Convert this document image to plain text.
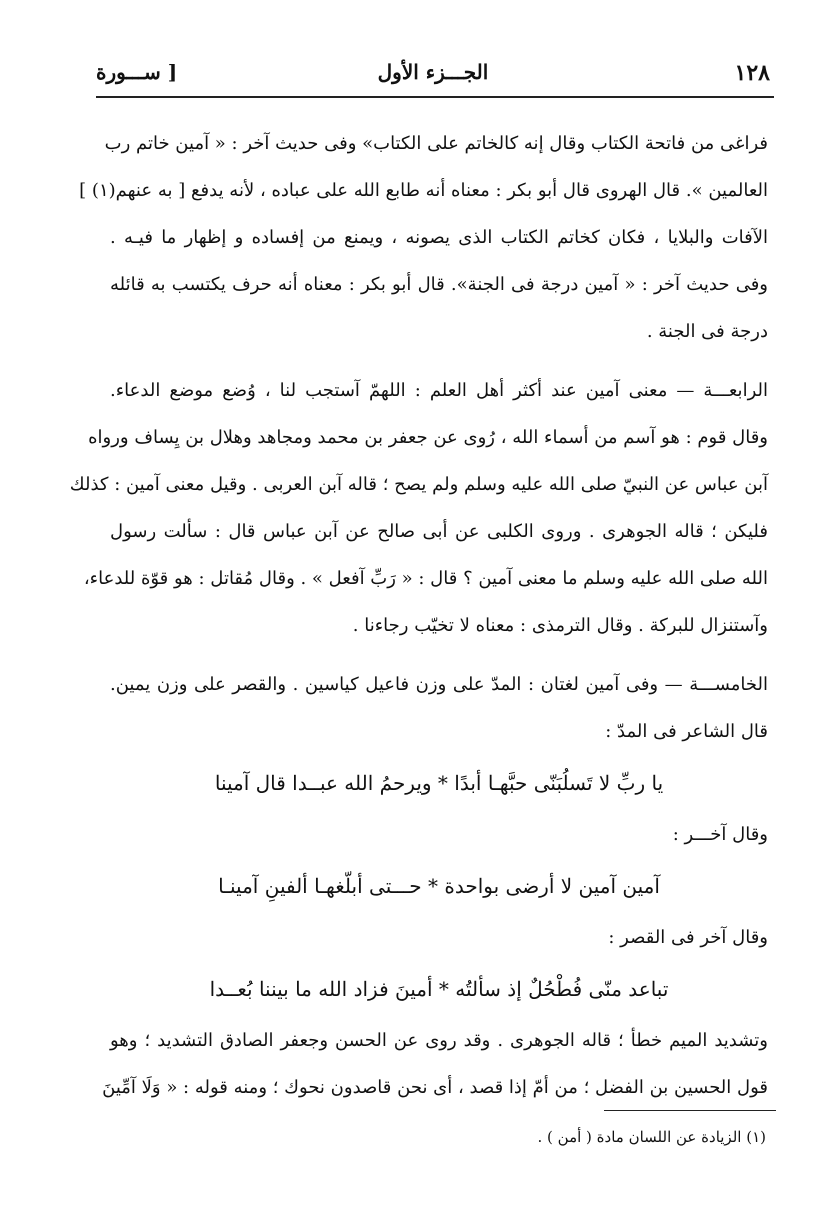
١٢٨
الجـــزء الأول
[ ســـورة
فراغى من فاتحة الكتاب وقال إنه كالخاتم على الكتاب» وفى حديث آخر : « آمين خاتم رب
العالمين ». قال الهروى قال أبو بكر : معناه أنه طابع الله على عباده ، لأنه يدفع [ به عنهم(١) ]
الآفات والبلايا ، فكان كخاتم الكتاب الذى يصونه ، ويمنع من إفساده و إظهار ما فيـه .
وفى حديث آخر : « آمين درجة فى الجنة». قال أبو بكر : معناه أنه حرف يكتسب به قائله
درجة فى الجنة .
الرابعـــة — معنى آمين عند أكثر أهل العلم : اللهمّ آستجب لنا ، وُضع موضع الدعاء.
وقال قوم : هو آسم من أسماء الله ، رُوى عن جعفر بن محمد ومجاهد وهلال بن يِساف ورواه
آبن عباس عن النبيّ صلى الله عليه وسلم ولم يصح ؛ قاله آبن العربى . وقيل معنى آمين : كذلك
فليكن ؛ قاله الجوهرى . وروى الكلبى عن أبى صالح عن آبن عباس قال : سألت رسول
الله صلى الله عليه وسلم ما معنى آمين ؟ قال : « رَبِّ آفعل » . وقال مُقاتل : هو قوّة للدعاء،
وآستنزال للبركة . وقال الترمذى : معناه لا تخيّب رجاءنا .
الخامســـة — وفى آمين لغتان : المدّ على وزن فاعيل كياسين . والقصر على وزن يمين.
قال الشاعر فى المدّ :
يا ربِّ لا تَسلُبَنّى حبَّهـا أبدًا * ويرحمُ الله عبــدا قال آمينا
وقال آخـــر :
آمين آمين لا أرضى بواحدة * حـــتى أبلّغهـا ألفينِ آمينـا
وقال آخر فى القصر :
تباعد منّى فُطْحُلٌ إذ سألتُه * أمينَ فزاد الله ما بيننا بُعــدا
وتشديد الميم خطأ ؛ قاله الجوهرى . وقد روى عن الحسن وجعفر الصادق التشديد ؛ وهو
قول الحسين بن الفضل ؛ من أمّ إذا قصد ، أى نحن قاصدون نحوك ؛ ومنه قوله : « وَلَا آمِّينَ
(١) الزيادة عن اللسان مادة ( أمن ) .
